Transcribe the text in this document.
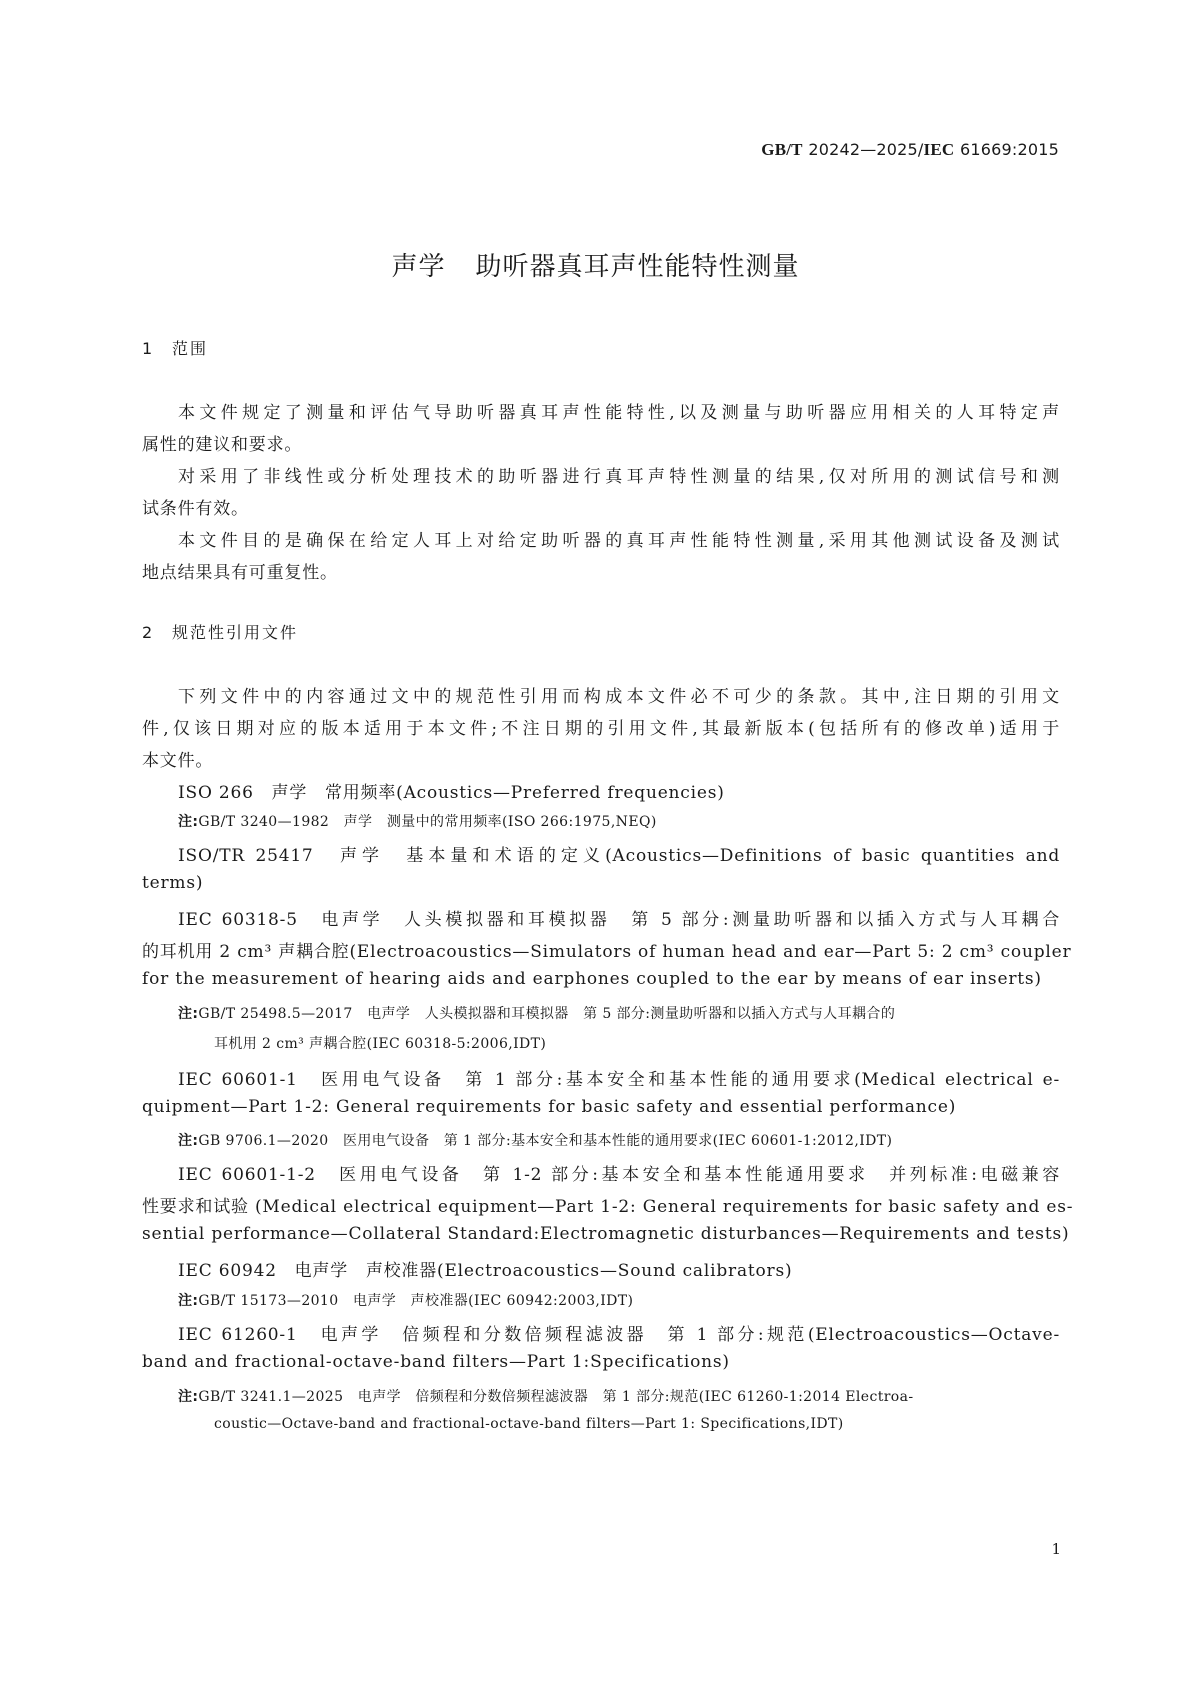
GB/T 20242—2025/IEC 61669:2015
声学 助听器真耳声性能特性测量
1 范围
本文件规定了测量和评估气导助听器真耳声性能特性,以及测量与助听器应用相关的人耳特定声
属性的建议和要求。
对采用了非线性或分析处理技术的助听器进行真耳声特性测量的结果,仅对所用的测试信号和测
试条件有效。
本文件目的是确保在给定人耳上对给定助听器的真耳声性能特性测量,采用其他测试设备及测试
地点结果具有可重复性。
2 规范性引用文件
下列文件中的内容通过文中的规范性引用而构成本文件必不可少的条款。其中,注日期的引用文
件,仅该日期对应的版本适用于本文件;不注日期的引用文件,其最新版本(包括所有的修改单)适用于
本文件。
ISO 266　声学　常用频率(Acoustics—Preferred frequencies)
注:GB/T 3240—1982　声学　测量中的常用频率(ISO 266:1975,NEQ)
ISO/TR 25417　声学　基本量和术语的定义(Acoustics—Definitions of basic quantities and
terms)
IEC 60318-5　电声学　人头模拟器和耳模拟器　第 5 部分:测量助听器和以插入方式与人耳耦合
的耳机用 2 cm³ 声耦合腔(Electroacoustics—Simulators of human head and ear—Part 5: 2 cm³ coupler
for the measurement of hearing aids and earphones coupled to the ear by means of ear inserts)
注:GB/T 25498.5—2017　电声学　人头模拟器和耳模拟器　第 5 部分:测量助听器和以插入方式与人耳耦合的
耳机用 2 cm³ 声耦合腔(IEC 60318-5:2006,IDT)
IEC 60601-1　医用电气设备　第 1 部分:基本安全和基本性能的通用要求(Medical electrical e-
quipment—Part 1-2: General requirements for basic safety and essential performance)
注:GB 9706.1—2020　医用电气设备　第 1 部分:基本安全和基本性能的通用要求(IEC 60601-1:2012,IDT)
IEC 60601-1-2　医用电气设备　第 1-2 部分:基本安全和基本性能通用要求　并列标准:电磁兼容
性要求和试验 (Medical electrical equipment—Part 1-2: General requirements for basic safety and es-
sential performance—Collateral Standard:Electromagnetic disturbances—Requirements and tests)
IEC 60942　电声学　声校准器(Electroacoustics—Sound calibrators)
注:GB/T 15173—2010　电声学　声校准器(IEC 60942:2003,IDT)
IEC 61260-1　电声学　倍频程和分数倍频程滤波器　第 1 部分:规范(Electroacoustics—Octave-
band and fractional-octave-band filters—Part 1:Specifications)
注:GB/T 3241.1—2025　电声学　倍频程和分数倍频程滤波器　第 1 部分:规范(IEC 61260-1:2014 Electroa-
coustic—Octave-band and fractional-octave-band filters—Part 1: Specifications,IDT)
1
